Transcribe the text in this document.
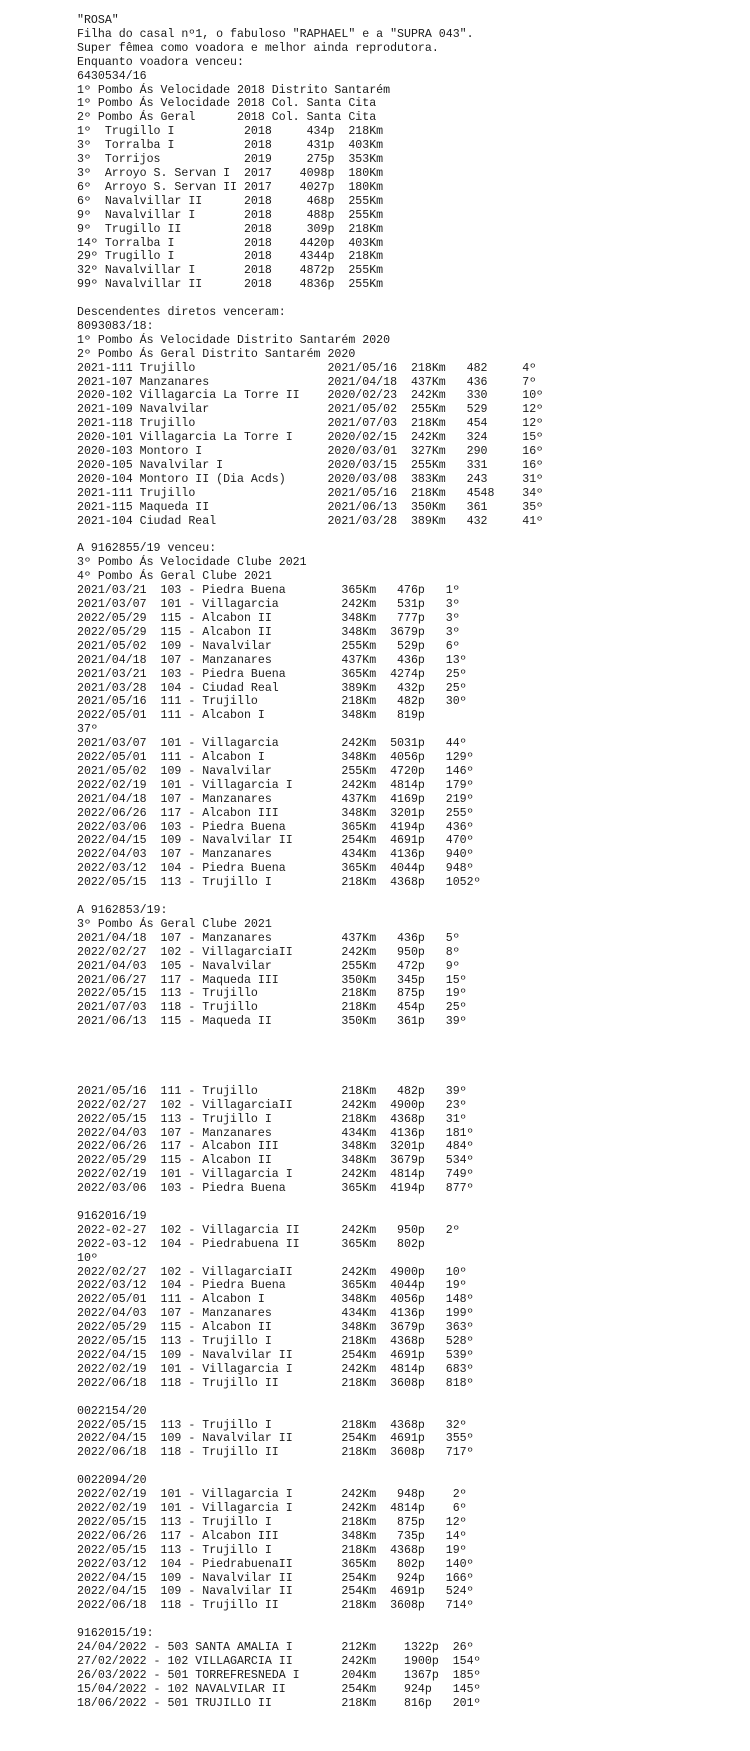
"ROSA"
Filha do casal nº1, o fabuloso "RAPHAEL" e a "SUPRA 043".
Super fêmea como voadora e melhor ainda reprodutora.
Enquanto voadora venceu:
6430534/16
1º Pombo Ás Velocidade 2018 Distrito Santarém
1º Pombo Ás Velocidade 2018 Col. Santa Cita
2º Pombo Ás Geral      2018 Col. Santa Cita
1º  Trugillo I          2018     434p  218Km
3º  Torralba I          2018     431p  403Km
3º  Torrijos            2019     275p  353Km
3º  Arroyo S. Servan I  2017    4098p  180Km
6º  Arroyo S. Servan II 2017    4027p  180Km
6º  Navalvillar II      2018     468p  255Km
9º  Navalvillar I       2018     488p  255Km
9º  Trugillo II         2018     309p  218Km
14º Torralba I          2018    4420p  403Km
29º Trugillo I          2018    4344p  218Km
32º Navalvillar I       2018    4872p  255Km
99º Navalvillar II      2018    4836p  255Km
Descendentes diretos venceram:
8093083/18:
1º Pombo Ás Velocidade Distrito Santarém 2020
2º Pombo Ás Geral Distrito Santarém 2020
2021-111 Trujillo                   2021/05/16  218Km   482     4º
2021-107 Manzanares                 2021/04/18  437Km   436     7º
2020-102 Villagarcia La Torre II    2020/02/23  242Km   330     10º
2021-109 Navalvilar                 2021/05/02  255Km   529     12º
2021-118 Trujillo                   2021/07/03  218Km   454     12º
2020-101 Villagarcia La Torre I     2020/02/15  242Km   324     15º
2020-103 Montoro I                  2020/03/01  327Km   290     16º
2020-105 Navalvilar I               2020/03/15  255Km   331     16º
2020-104 Montoro II (Dia Acds)      2020/03/08  383Km   243     31º
2021-111 Trujillo                   2021/05/16  218Km   4548    34º
2021-115 Maqueda II                 2021/06/13  350Km   361     35º
2021-104 Ciudad Real                2021/03/28  389Km   432     41º
A 9162855/19 venceu:
3º Pombo Ás Velocidade Clube 2021
4º Pombo Ás Geral Clube 2021
2021/03/21  103 - Piedra Buena        365Km   476p   1º
2021/03/07  101 - Villagarcia         242Km   531p   3º
2022/05/29  115 - Alcabon II          348Km   777p   3º
2022/05/29  115 - Alcabon II          348Km  3679p   3º
2021/05/02  109 - Navalvilar          255Km   529p   6º
2021/04/18  107 - Manzanares          437Km   436p   13º
2021/03/21  103 - Piedra Buena        365Km  4274p   25º
2021/03/28  104 - Ciudad Real         389Km   432p   25º
2021/05/16  111 - Trujillo            218Km   482p   30º
2022/05/01  111 - Alcabon I           348Km   819p
37º
2021/03/07  101 - Villagarcia         242Km  5031p   44º
2022/05/01  111 - Alcabon I           348Km  4056p   129º
2021/05/02  109 - Navalvilar          255Km  4720p   146º
2022/02/19  101 - Villagarcia I       242Km  4814p   179º
2021/04/18  107 - Manzanares          437Km  4169p   219º
2022/06/26  117 - Alcabon III         348Km  3201p   255º
2022/03/06  103 - Piedra Buena        365Km  4194p   436º
2022/04/15  109 - Navalvilar II       254Km  4691p   470º
2022/04/03  107 - Manzanares          434Km  4136p   940º
2022/03/12  104 - Piedra Buena        365Km  4044p   948º
2022/05/15  113 - Trujillo I          218Km  4368p   1052º
A 9162853/19:
3º Pombo Ás Geral Clube 2021
2021/04/18  107 - Manzanares          437Km   436p   5º
2022/02/27  102 - VillagarciaII       242Km   950p   8º
2021/04/03  105 - Navalvilar          255Km   472p   9º
2021/06/27  117 - Maqueda III         350Km   345p   15º
2022/05/15  113 - Trujillo            218Km   875p   19º
2021/07/03  118 - Trujillo            218Km   454p   25º
2021/06/13  115 - Maqueda II          350Km   361p   39º
2021/05/16  111 - Trujillo            218Km   482p   39º
2022/02/27  102 - VillagarciaII       242Km  4900p   23º
2022/05/15  113 - Trujillo I          218Km  4368p   31º
2022/04/03  107 - Manzanares          434Km  4136p   181º
2022/06/26  117 - Alcabon III         348Km  3201p   484º
2022/05/29  115 - Alcabon II          348Km  3679p   534º
2022/02/19  101 - Villagarcia I       242Km  4814p   749º
2022/03/06  103 - Piedra Buena        365Km  4194p   877º
9162016/19
2022-02-27  102 - Villagarcia II      242Km   950p   2º
2022-03-12  104 - Piedrabuena II      365Km   802p
10º
2022/02/27  102 - VillagarciaII       242Km  4900p   10º
2022/03/12  104 - Piedra Buena        365Km  4044p   19º
2022/05/01  111 - Alcabon I           348Km  4056p   148º
2022/04/03  107 - Manzanares          434Km  4136p   199º
2022/05/29  115 - Alcabon II          348Km  3679p   363º
2022/05/15  113 - Trujillo I          218Km  4368p   528º
2022/04/15  109 - Navalvilar II       254Km  4691p   539º
2022/02/19  101 - Villagarcia I       242Km  4814p   683º
2022/06/18  118 - Trujillo II         218Km  3608p   818º
0022154/20
2022/05/15  113 - Trujillo I          218Km  4368p   32º
2022/04/15  109 - Navalvilar II       254Km  4691p   355º
2022/06/18  118 - Trujillo II         218Km  3608p   717º
0022094/20
2022/02/19  101 - Villagarcia I       242Km   948p    2º
2022/02/19  101 - Villagarcia I       242Km  4814p    6º
2022/05/15  113 - Trujillo I          218Km   875p   12º
2022/06/26  117 - Alcabon III         348Km   735p   14º
2022/05/15  113 - Trujillo I          218Km  4368p   19º
2022/03/12  104 - PiedrabuenaII       365Km   802p   140º
2022/04/15  109 - Navalvilar II       254Km   924p   166º
2022/04/15  109 - Navalvilar II       254Km  4691p   524º
2022/06/18  118 - Trujillo II         218Km  3608p   714º
9162015/19:
24/04/2022 - 503 SANTA AMALIA I       212Km    1322p  26º
27/02/2022 - 102 VILLAGARCIA II       242Km    1900p  154º
26/03/2022 - 501 TORREFRESNEDA I      204Km    1367p  185º
15/04/2022 - 102 NAVALVILAR II        254Km    924p   145º
18/06/2022 - 501 TRUJILLO II          218Km    816p   201º
